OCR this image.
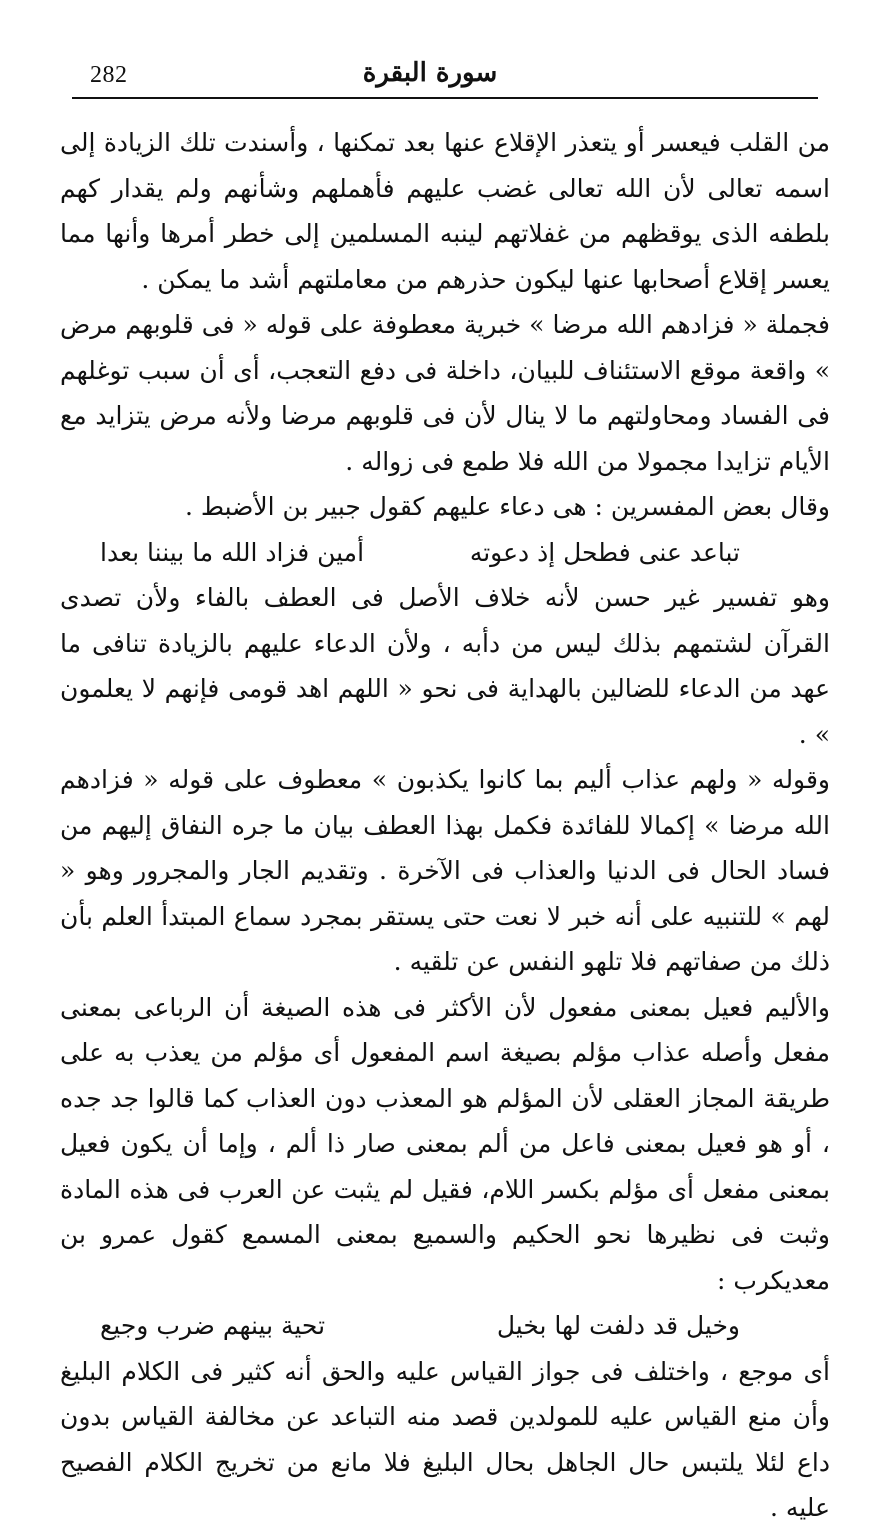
282	سورة البقرة

من القلب فيعسر أو يتعذر الإقلاع عنها بعد تمكنها ، وأسندت تلك الزيادة إلى اسمه تعالى لأن الله تعالى غضب عليهم فأهملهم وشأنهم ولم يقدار كهم بلطفه الذى يوقظهم من غفلاتهم لينبه المسلمين إلى خطر أمرها وأنها مما يعسر إقلاع أصحابها عنها ليكون حذرهم من معاملتهم أشد ما يمكن .

فجملة « فزادهم الله مرضا » خبرية معطوفة على قوله « فى قلوبهم مرض » واقعة موقع الاستئناف للبيان، داخلة فى دفع التعجب، أى أن سبب توغلهم فى الفساد ومحاولتهم ما لا ينال لأن فى قلوبهم مرضا ولأنه مرض يتزايد مع الأيام تزايدا مجمولا من الله فلا طمع فى زواله .

وقال بعض المفسرين : هى دعاء عليهم كقول جبير بن الأضبط .

تباعد عنى فطحل إذ دعوته
أمين فزاد الله ما بيننا بعدا

وهو تفسير غير حسن لأنه خلاف الأصل فى العطف بالفاء ولأن تصدى القرآن لشتمهم بذلك ليس من دأبه ، ولأن الدعاء عليهم بالزيادة تنافى ما عهد من الدعاء للضالين بالهداية فى نحو « اللهم اهد قومى فإنهم لا يعلمون » .

وقوله « ولهم عذاب أليم بما كانوا يكذبون » معطوف على قوله « فزادهم الله مرضا » إكمالا للفائدة فكمل بهذا العطف بيان ما جره النفاق إليهم من فساد الحال فى الدنيا والعذاب فى الآخرة . وتقديم الجار والمجرور وهو « لهم » للتنبيه على أنه خبر لا نعت حتى يستقر بمجرد سماع المبتدأ العلم بأن ذلك من صفاتهم فلا تلهو النفس عن تلقيه .

والأليم فعيل بمعنى مفعول لأن الأكثر فى هذه الصيغة أن الرباعى بمعنى مفعل وأصله عذاب مؤلم بصيغة اسم المفعول أى مؤلم من يعذب به على طريقة المجاز العقلى لأن المؤلم هو المعذب دون العذاب كما قالوا جد جده ، أو هو فعيل بمعنى فاعل من ألم بمعنى صار ذا ألم ، وإما أن يكون فعيل بمعنى مفعل أى مؤلم بكسر اللام، فقيل لم يثبت عن العرب فى هذه المادة وثبت فى نظيرها نحو الحكيم والسميع بمعنى المسمع كقول عمرو بن معديكرب :

وخيل قد دلفت لها بخيل
تحية بينهم ضرب وجيع

أى موجع ، واختلف فى جواز القياس عليه والحق أنه كثير فى الكلام البليغ وأن منع القياس عليه للمولدين قصد منه التباعد عن مخالفة القياس بدون داع لئلا يلتبس حال الجاهل بحال البليغ فلا مانع من تخريج الكلام الفصيح عليه .
